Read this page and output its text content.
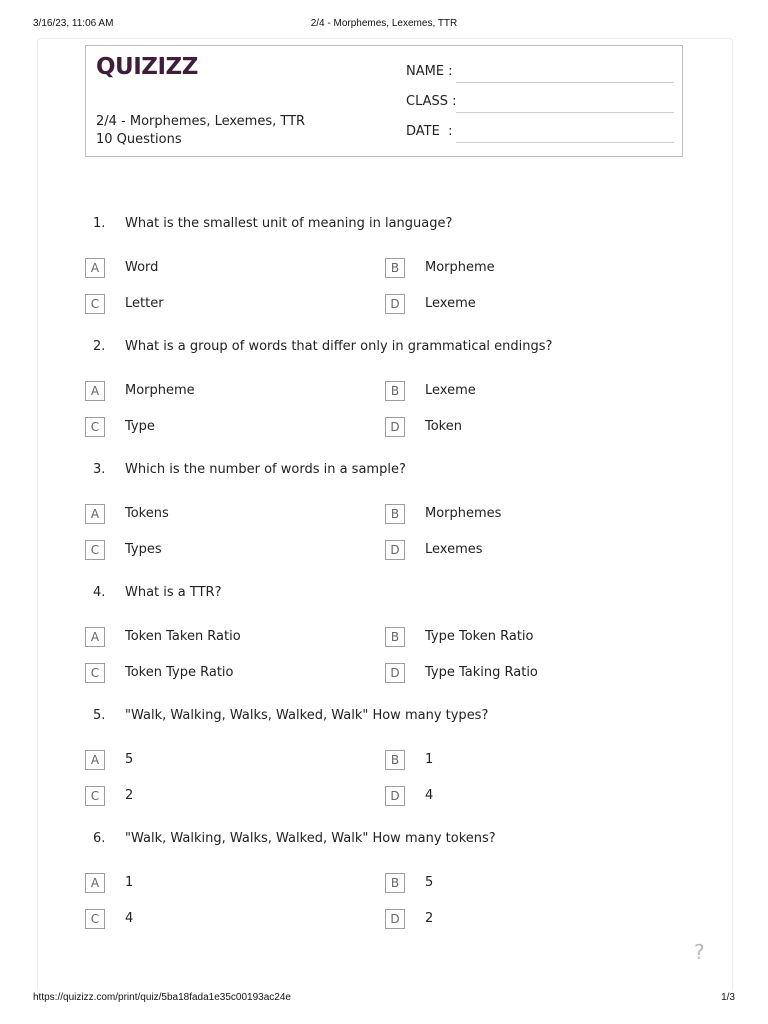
3/16/23, 11:06 AM	2/4 - Morphemes, Lexemes, TTR
QUIZIZZ
2/4 - Morphemes, Lexemes, TTR
10 Questions
NAME :
CLASS :
DATE  :
1. What is the smallest unit of meaning in language?
A	Word	B	Morpheme
C	Letter	D	Lexeme
2. What is a group of words that differ only in grammatical endings?
A	Morpheme	B	Lexeme
C	Type	D	Token
3. Which is the number of words in a sample?
A	Tokens	B	Morphemes
C	Types	D	Lexemes
4. What is a TTR?
A	Token Taken Ratio	B	Type Token Ratio
C	Token Type Ratio	D	Type Taking Ratio
5. "Walk, Walking, Walks, Walked, Walk" How many types?
A	5	B	1
C	2	D	4
6. "Walk, Walking, Walks, Walked, Walk" How many tokens?
A	1	B	5
C	4	D	2
?
https://quizizz.com/print/quiz/5ba18fada1e35c00193ac24e	1/3
